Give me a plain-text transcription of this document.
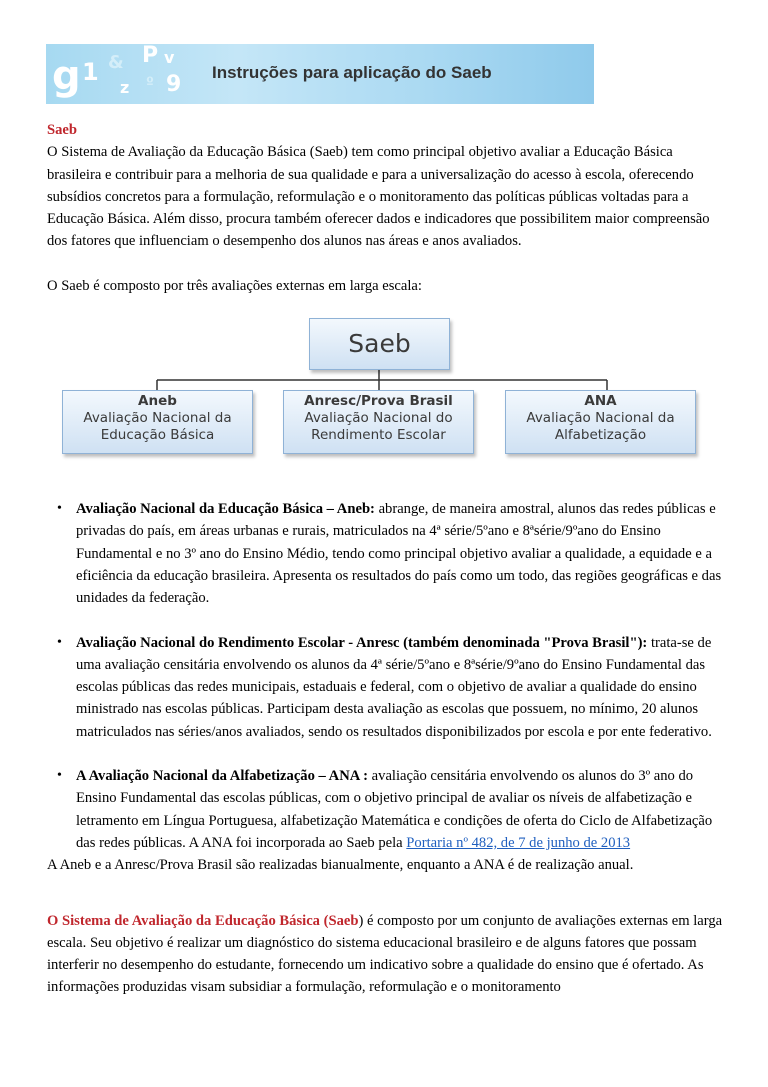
g 1 & P v
z º 9 Instruções para aplicação do Saeb

Saeb

O Sistema de Avaliação da Educação Básica (Saeb) tem como principal objetivo avaliar a Educação Básica brasileira e contribuir para a melhoria de sua qualidade e para a universalização do acesso à escola, oferecendo subsídios concretos para a formulação, reformulação e o monitoramento das políticas públicas voltadas para a Educação Básica. Além disso, procura também oferecer dados e indicadores que possibilitem maior compreensão dos fatores que influenciam o desempenho dos alunos nas áreas e anos avaliados.

O Saeb é composto por três avaliações externas em larga escala:

Saeb
Aneb
Avaliação Nacional da
Educação Básica
Anresc/Prova Brasil
Avaliação Nacional do
Rendimento Escolar
ANA
Avaliação Nacional da
Alfabetização
• Avaliação Nacional da Educação Básica – Aneb: abrange, de maneira amostral, alunos das redes públicas e privadas do país, em áreas urbanas e rurais, matriculados na 4ª série/5ºano e 8ªsérie/9ºano do Ensino Fundamental e no 3º ano do Ensino Médio, tendo como principal objetivo avaliar a qualidade, a equidade e a eficiência da educação brasileira. Apresenta os resultados do país como um todo, das regiões geográficas e das unidades da federação.
• Avaliação Nacional do Rendimento Escolar - Anresc (também denominada "Prova Brasil"): trata-se de uma avaliação censitária envolvendo os alunos da 4ª série/5ºano e 8ªsérie/9ºano do Ensino Fundamental das escolas públicas das redes municipais, estaduais e federal, com o objetivo de avaliar a qualidade do ensino ministrado nas escolas públicas. Participam desta avaliação as escolas que possuem, no mínimo, 20 alunos matriculados nas séries/anos avaliados, sendo os resultados disponibilizados por escola e por ente federativo.
• A Avaliação Nacional da Alfabetização – ANA : avaliação censitária envolvendo os alunos do 3º ano do Ensino Fundamental das escolas públicas, com o objetivo principal de avaliar os níveis de alfabetização e letramento em Língua Portuguesa, alfabetização Matemática e condições de oferta do Ciclo de Alfabetização das redes públicas. A ANA foi incorporada ao Saeb pela Portaria nº 482, de 7 de junho de 2013

A Aneb e a Anresc/Prova Brasil são realizadas bianualmente, enquanto a ANA é de realização anual.

O Sistema de Avaliação da Educação Básica (Saeb) é composto por um conjunto de avaliações externas em larga escala. Seu objetivo é realizar um diagnóstico do sistema educacional brasileiro e de alguns fatores que possam interferir no desempenho do estudante, fornecendo um indicativo sobre a qualidade do ensino que é ofertado. As informações produzidas visam subsidiar a formulação, reformulação e o monitoramento
